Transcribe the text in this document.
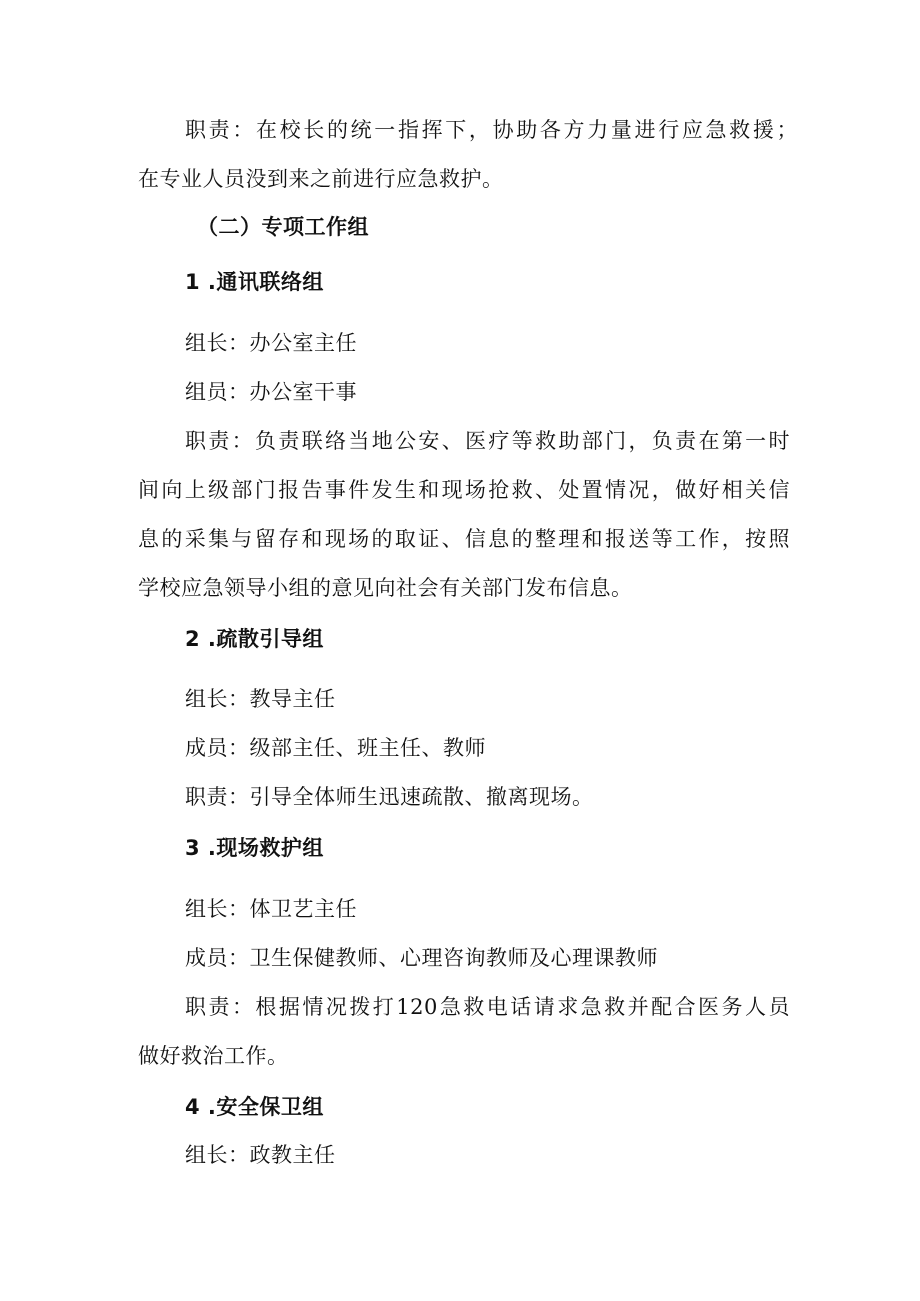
职责：在校长的统一指挥下，协助各方力量进行应急救援；
在专业人员没到来之前进行应急救护。
（二）专项工作组
1 .通讯联络组
组长：办公室主任
组员：办公室干事
职责：负责联络当地公安、医疗等救助部门，负责在第一时
间向上级部门报告事件发生和现场抢救、处置情况，做好相关信
息的采集与留存和现场的取证、信息的整理和报送等工作，按照
学校应急领导小组的意见向社会有关部门发布信息。
2 .疏散引导组
组长：教导主任
成员：级部主任、班主任、教师
职责：引导全体师生迅速疏散、撤离现场。
3 .现场救护组
组长：体卫艺主任
成员：卫生保健教师、心理咨询教师及心理课教师
职责：根据情况拨打120急救电话请求急救并配合医务人员
做好救治工作。
4 .安全保卫组
组长：政教主任
